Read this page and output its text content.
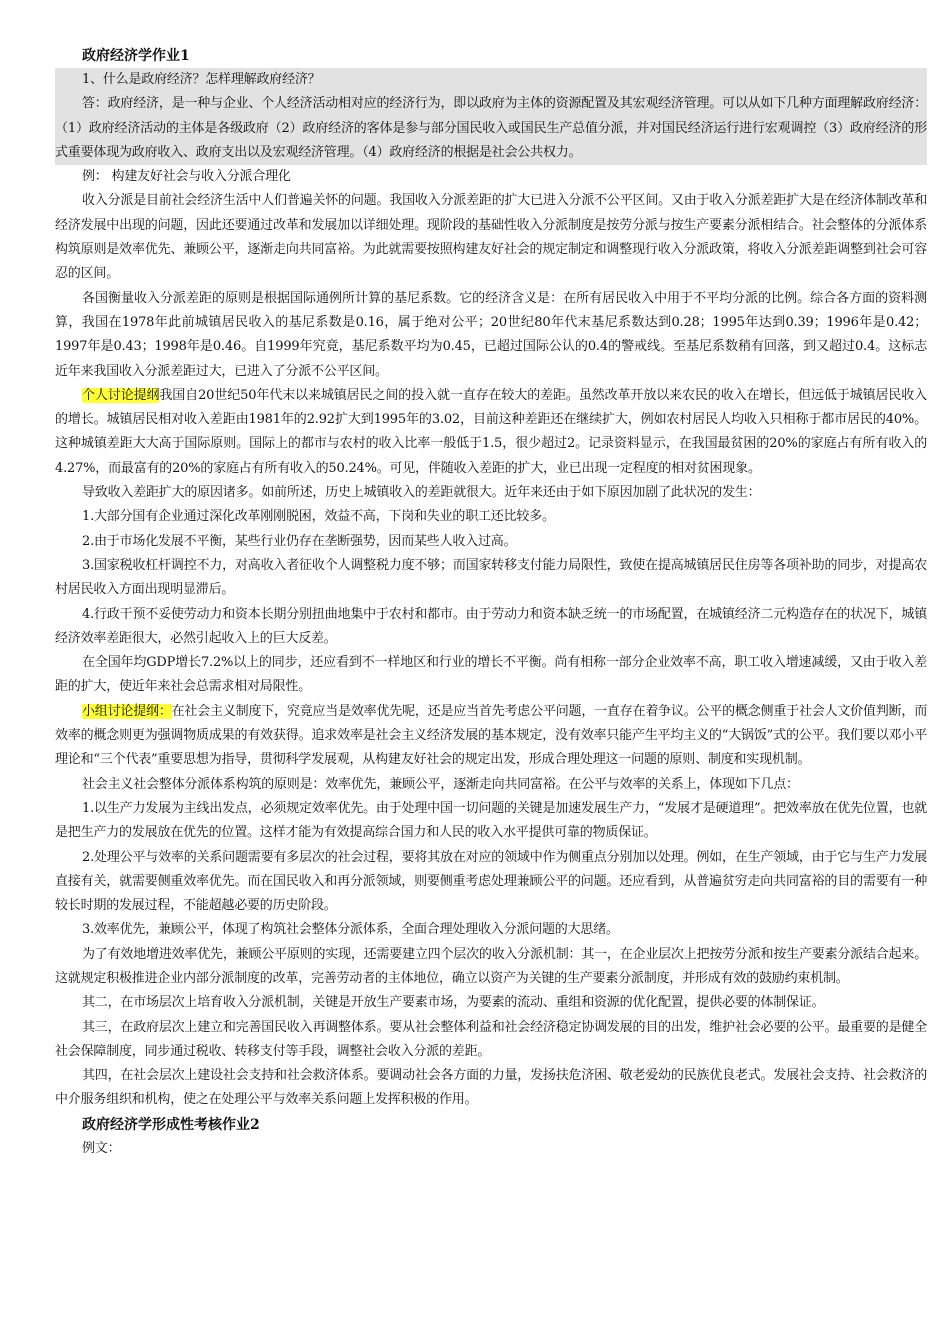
政府经济学作业1

1、什么是政府经济？怎样理解政府经济？

答：政府经济，是一种与企业、个人经济活动相对应的经济行为，即以政府为主体的资源配置及其宏观经济管理。可以从如下几种方面理解政府经济：（1）政府经济活动的主体是各级政府（2）政府经济的客体是参与部分国民收入或国民生产总值分派，并对国民经济运行进行宏观调控（3）政府经济的形式重要体现为政府收入、政府支出以及宏观经济管理。（4）政府经济的根据是社会公共权力。

例： 构建友好社会与收入分派合理化

收入分派是目前社会经济生活中人们普遍关怀的问题。我国收入分派差距的扩大已进入分派不公平区间。又由于收入分派差距扩大是在经济体制改革和经济发展中出现的问题，因此还要通过改革和发展加以详细处理。现阶段的基础性收入分派制度是按劳分派与按生产要素分派相结合。社会整体的分派体系构筑原则是效率优先、兼顾公平，逐渐走向共同富裕。为此就需要按照构建友好社会的规定制定和调整现行收入分派政策，将收入分派差距调整到社会可容忍的区间。

各国衡量收入分派差距的原则是根据国际通例所计算的基尼系数。它的经济含义是：在所有居民收入中用于不平均分派的比例。综合各方面的资料测算，我国在1978年此前城镇居民收入的基尼系数是0.16，属于绝对公平；20世纪80年代末基尼系数达到0.28；1995年达到0.39；1996年是0.42；1997年是0.43；1998年是0.46。自1999年究竟，基尼系数平均为0.45，已超过国际公认的0.4的警戒线。至基尼系数稍有回落，到又超过0.4。这标志近年来我国收入分派差距过大，已进入了分派不公平区间。

个人讨论提纲我国自20世纪50年代末以来城镇居民之间的投入就一直存在较大的差距。虽然改革开放以来农民的收入在增长，但远低于城镇居民收入的增长。城镇居民相对收入差距由1981年的2.92扩大到1995年的3.02，目前这种差距还在继续扩大，例如农村居民人均收入只相称于都市居民的40%。这种城镇差距大大高于国际原则。国际上的都市与农村的收入比率一般低于1.5，很少超过2。记录资料显示，在我国最贫困的20%的家庭占有所有收入的4.27%，而最富有的20%的家庭占有所有收入的50.24%。可见，伴随收入差距的扩大，业已出现一定程度的相对贫困现象。

导致收入差距扩大的原因诸多。如前所述，历史上城镇收入的差距就很大。近年来还由于如下原因加剧了此状况的发生：

1.大部分国有企业通过深化改革刚刚脱困，效益不高，下岗和失业的职工还比较多。

2.由于市场化发展不平衡，某些行业仍存在垄断强势，因而某些人收入过高。

3.国家税收杠杆调控不力，对高收入者征收个人调整税力度不够；而国家转移支付能力局限性，致使在提高城镇居民住房等各项补助的同步，对提高农村居民收入方面出现明显滞后。

4.行政干预不妥使劳动力和资本长期分别扭曲地集中于农村和都市。由于劳动力和资本缺乏统一的市场配置，在城镇经济二元构造存在的状况下，城镇经济效率差距很大，必然引起收入上的巨大反差。

在全国年均GDP增长7.2%以上的同步，还应看到不一样地区和行业的增长不平衡。尚有相称一部分企业效率不高，职工收入增速减缓，又由于收入差距的扩大，使近年来社会总需求相对局限性。

小组讨论提纲：在社会主义制度下，究竟应当是效率优先呢，还是应当首先考虑公平问题，一直存在着争议。公平的概念侧重于社会人文价值判断，而效率的概念则更为强调物质成果的有效获得。追求效率是社会主义经济发展的基本规定，没有效率只能产生平均主义的“大锅饭”式的公平。我们要以邓小平理论和“三个代表”重要思想为指导，贯彻科学发展观，从构建友好社会的规定出发，形成合理处理这一问题的原则、制度和实现机制。

社会主义社会整体分派体系构筑的原则是：效率优先，兼顾公平，逐渐走向共同富裕。在公平与效率的关系上，体现如下几点：

1.以生产力发展为主线出发点，必须规定效率优先。由于处理中国一切问题的关键是加速发展生产力，“发展才是硬道理”。把效率放在优先位置，也就是把生产力的发展放在优先的位置。这样才能为有效提高综合国力和人民的收入水平提供可靠的物质保证。

2.处理公平与效率的关系问题需要有多层次的社会过程，要将其放在对应的领域中作为侧重点分别加以处理。例如，在生产领域，由于它与生产力发展直接有关，就需要侧重效率优先。而在国民收入和再分派领域，则要侧重考虑处理兼顾公平的问题。还应看到，从普遍贫穷走向共同富裕的目的需要有一种较长时期的发展过程，不能超越必要的历史阶段。

3.效率优先，兼顾公平，体现了构筑社会整体分派体系，全面合理处理收入分派问题的大思绪。

为了有效地增进效率优先，兼顾公平原则的实现，还需要建立四个层次的收入分派机制：其一，在企业层次上把按劳分派和按生产要素分派结合起来。这就规定积极推进企业内部分派制度的改革，完善劳动者的主体地位，确立以资产为关键的生产要素分派制度，并形成有效的鼓励约束机制。

其二，在市场层次上培育收入分派机制，关键是开放生产要素市场，为要素的流动、重组和资源的优化配置，提供必要的体制保证。

其三，在政府层次上建立和完善国民收入再调整体系。要从社会整体利益和社会经济稳定协调发展的目的出发，维护社会必要的公平。最重要的是健全社会保障制度，同步通过税收、转移支付等手段，调整社会收入分派的差距。

其四，在社会层次上建设社会支持和社会救济体系。要调动社会各方面的力量，发扬扶危济困、敬老爱幼的民族优良老式。发展社会支持、社会救济的中介服务组织和机构，使之在处理公平与效率关系问题上发挥积极的作用。

政府经济学形成性考核作业2

例文：
